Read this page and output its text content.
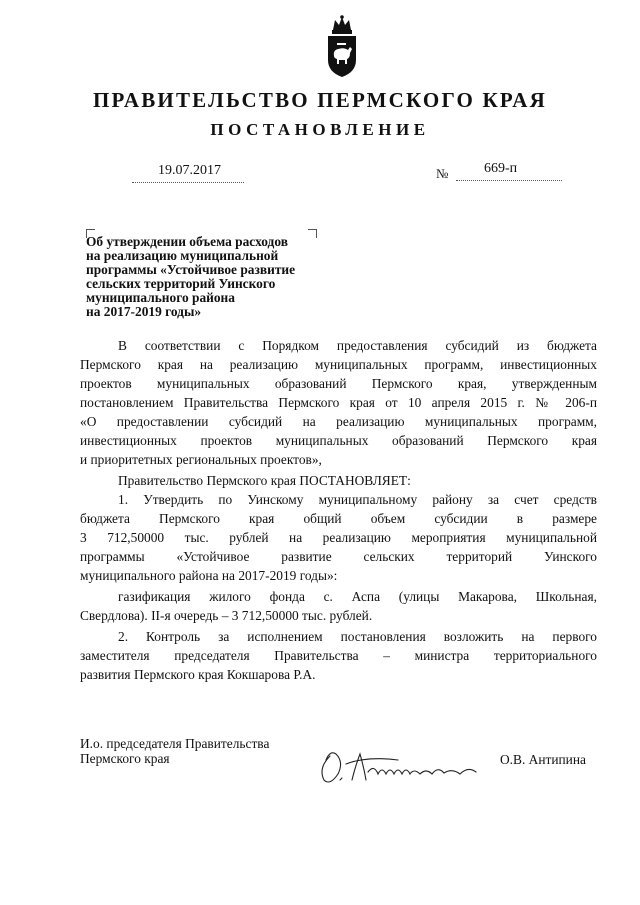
ПРАВИТЕЛЬСТВО ПЕРМСКОГО КРАЯ
ПОСТАНОВЛЕНИЕ
19.07.2017	№	669-п
Об утверждении объема расходов
на реализацию муниципальной
программы «Устойчивое развитие
сельских территорий Уинского
муниципального района
на 2017-2019 годы»
В соответствии с Порядком предоставления субсидий из бюджета
Пермского края на реализацию муниципальных программ, инвестиционных
проектов муниципальных образований Пермского края, утвержденным
постановлением Правительства Пермского края от 10 апреля 2015 г. № 206-п
«О предоставлении субсидий на реализацию муниципальных программ,
инвестиционных проектов муниципальных образований Пермского края
и приоритетных региональных проектов»,
Правительство Пермского края ПОСТАНОВЛЯЕТ:
1. Утвердить по Уинскому муниципальному району за счет средств
бюджета Пермского края общий объем субсидии в размере
3 712,50000 тыс. рублей на реализацию мероприятия муниципальной
программы «Устойчивое развитие сельских территорий Уинского
муниципального района на 2017-2019 годы»:
газификация жилого фонда с. Аспа (улицы Макарова, Школьная,
Свердлова). II-я очередь – 3 712,50000 тыс. рублей.
2. Контроль за исполнением постановления возложить на первого
заместителя председателя Правительства – министра территориального
развития Пермского края Кокшарова Р.А.
И.о. председателя Правительства
Пермского края	О.В. Антипина
